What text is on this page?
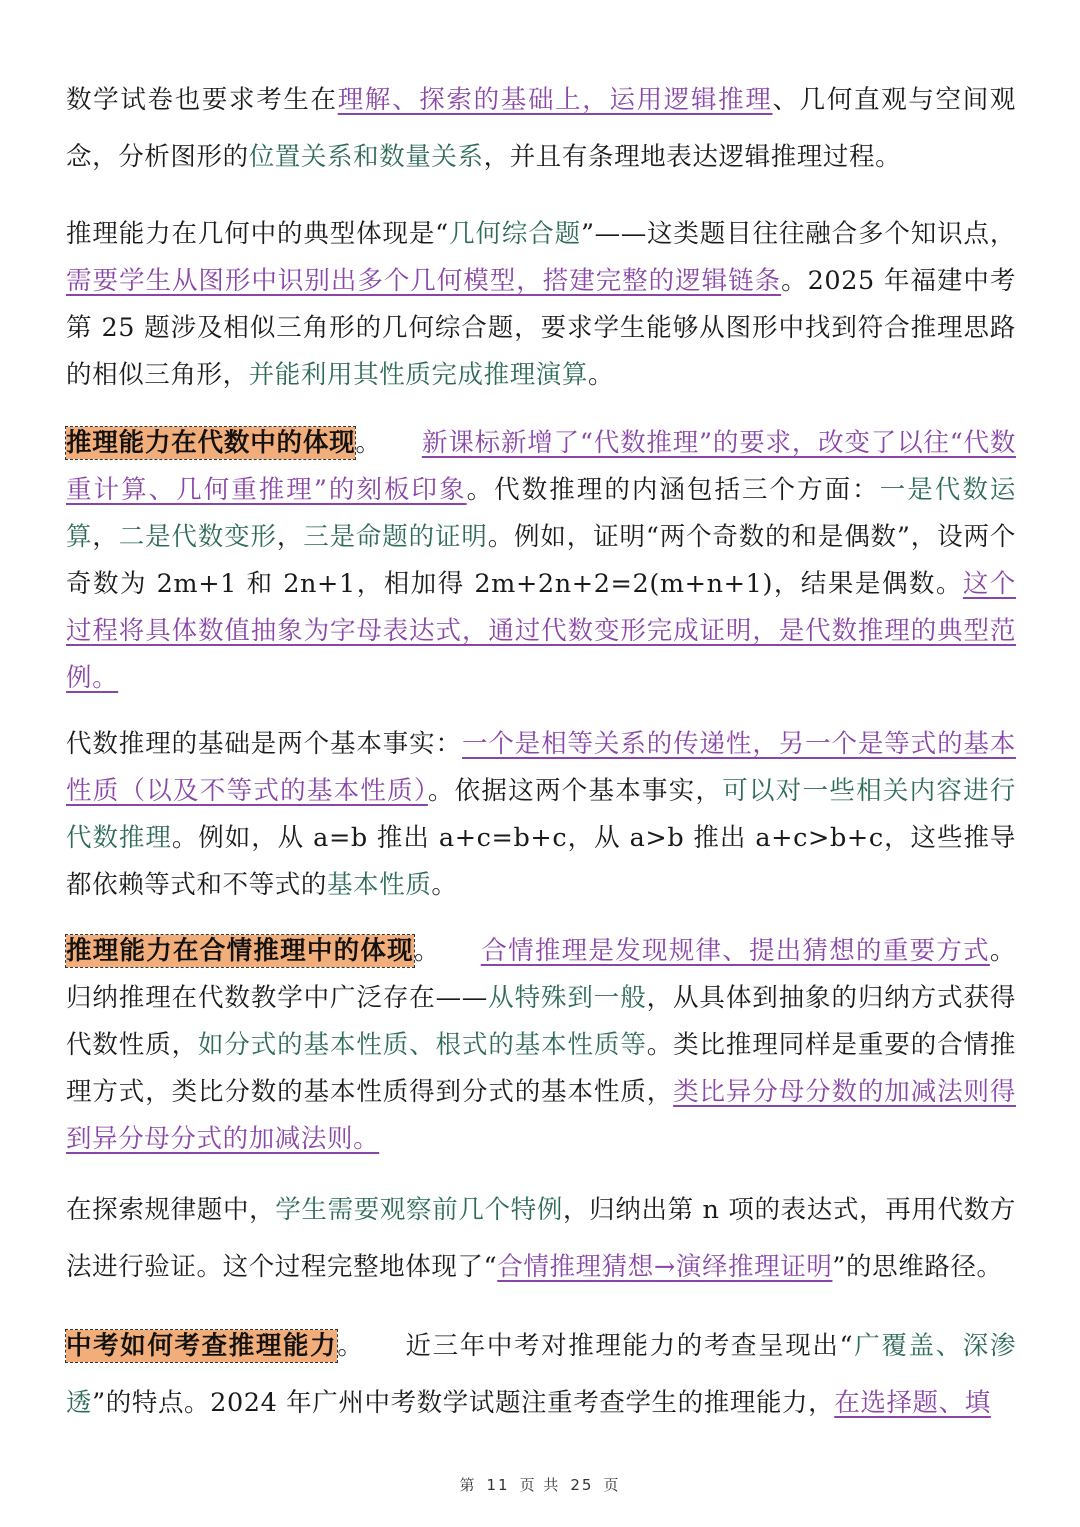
数学试卷也要求考生在理解、探索的基础上，运用逻辑推理、几何直观与空间观念，分析图形的位置关系和数量关系，并且有条理地表达逻辑推理过程。

推理能力在几何中的典型体现是“几何综合题”——这类题目往往融合多个知识点，需要学生从图形中识别出多个几何模型，搭建完整的逻辑链条。2025 年福建中考第 25 题涉及相似三角形的几何综合题，要求学生能够从图形中找到符合推理思路的相似三角形，并能利用其性质完成推理演算。

推理能力在代数中的体现。 新课标新增了“代数推理”的要求，改变了以往“代数重计算、几何重推理”的刻板印象。代数推理的内涵包括三个方面：一是代数运算，二是代数变形，三是命题的证明。例如，证明“两个奇数的和是偶数”，设两个奇数为 2m+1 和 2n+1，相加得 2m+2n+2=2(m+n+1)，结果是偶数。这个过程将具体数值抽象为字母表达式，通过代数变形完成证明，是代数推理的典型范例。

代数推理的基础是两个基本事实：一个是相等关系的传递性，另一个是等式的基本性质（以及不等式的基本性质）。依据这两个基本事实，可以对一些相关内容进行代数推理。例如，从 a=b 推出 a+c=b+c，从 a>b 推出 a+c>b+c，这些推导都依赖等式和不等式的基本性质。

推理能力在合情推理中的体现。 合情推理是发现规律、提出猜想的重要方式。归纳推理在代数教学中广泛存在——从特殊到一般，从具体到抽象的归纳方式获得代数性质，如分式的基本性质、根式的基本性质等。类比推理同样是重要的合情推理方式，类比分数的基本性质得到分式的基本性质，类比异分母分数的加减法则得到异分母分式的加减法则。

在探索规律题中，学生需要观察前几个特例，归纳出第 n 项的表达式，再用代数方法进行验证。这个过程完整地体现了“合情推理猜想→演绎推理证明”的思维路径。

中考如何考查推理能力。 近三年中考对推理能力的考查呈现出“广覆盖、深渗透”的特点。2024 年广州中考数学试题注重考查学生的推理能力，在选择题、填

第 11 页 共 25 页
